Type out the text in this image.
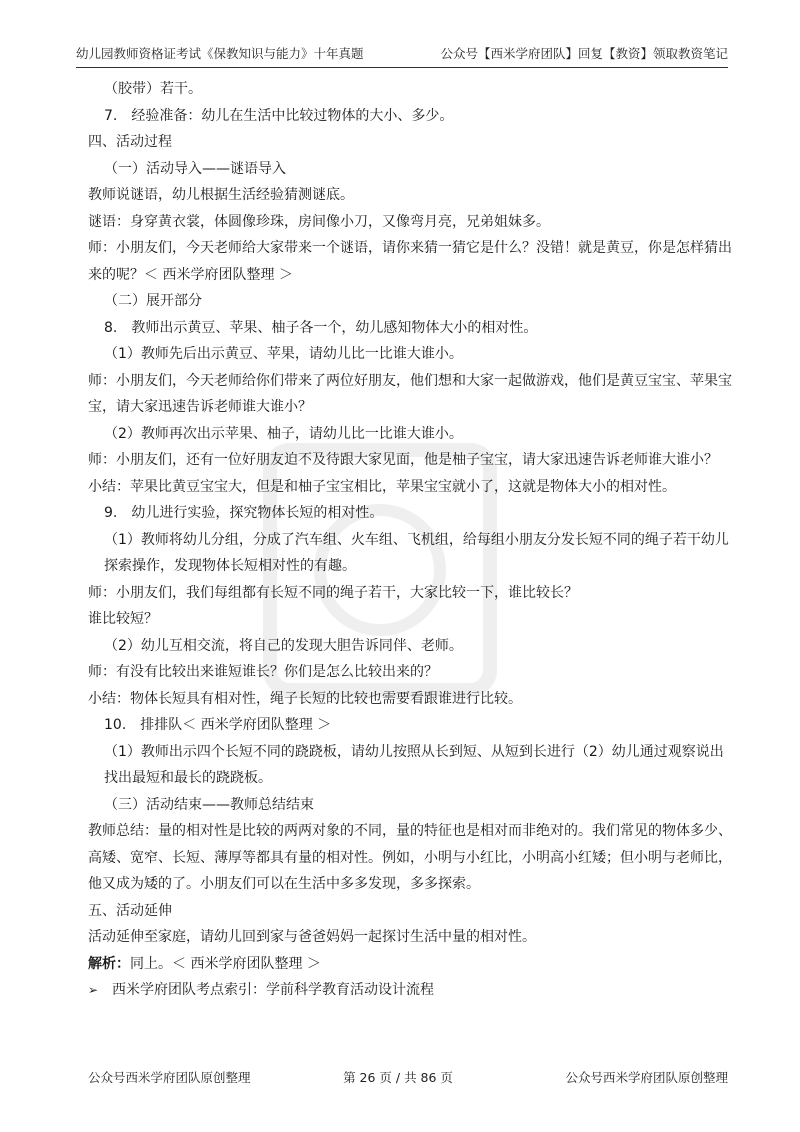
幼儿园教师资格证考试《保教知识与能力》十年真题	公众号【西米学府团队】回复【教资】领取教资笔记

（胶带）若干。

7.　经验准备：幼儿在生活中比较过物体的大小、多少。

四、活动过程

（一）活动导入——谜语导入

教师说谜语，幼儿根据生活经验猜测谜底。

谜语：身穿黄衣裳，体圆像珍珠，房间像小刀，又像弯月亮，兄弟姐妹多。

师：小朋友们，今天老师给大家带来一个谜语，请你来猜一猜它是什么？没错！就是黄豆，你是怎样猜出来的呢？＜ 西米学府团队整理 ＞

（二）展开部分

8.　教师出示黄豆、苹果、柚子各一个，幼儿感知物体大小的相对性。

（1）教师先后出示黄豆、苹果，请幼儿比一比谁大谁小。

师：小朋友们，今天老师给你们带来了两位好朋友，他们想和大家一起做游戏，他们是黄豆宝宝、苹果宝宝，请大家迅速告诉老师谁大谁小？

（2）教师再次出示苹果、柚子，请幼儿比一比谁大谁小。

师：小朋友们，还有一位好朋友迫不及待跟大家见面，他是柚子宝宝，请大家迅速告诉老师谁大谁小？

小结：苹果比黄豆宝宝大，但是和柚子宝宝相比，苹果宝宝就小了，这就是物体大小的相对性。

9.　幼儿进行实验，探究物体长短的相对性。

（1）教师将幼儿分组，分成了汽车组、火车组、飞机组，给每组小朋友分发长短不同的绳子若干幼儿探索操作，发现物体长短相对性的有趣。

师：小朋友们，我们每组都有长短不同的绳子若干，大家比较一下，谁比较长？

谁比较短？

（2）幼儿互相交流，将自己的发现大胆告诉同伴、老师。

师：有没有比较出来谁短谁长？你们是怎么比较出来的？

小结：物体长短具有相对性，绳子长短的比较也需要看跟谁进行比较。

10.　排排队＜ 西米学府团队整理 ＞

（1）教师出示四个长短不同的跷跷板，请幼儿按照从长到短、从短到长进行（2）幼儿通过观察说出找出最短和最长的跷跷板。

（三）活动结束——教师总结结束

教师总结：量的相对性是比较的两两对象的不同，量的特征也是相对而非绝对的。我们常见的物体多少、高矮、宽窄、长短、薄厚等都具有量的相对性。例如，小明与小红比，小明高小红矮；但小明与老师比，他又成为矮的了。小朋友们可以在生活中多多发现，多多探索。

五、活动延伸

活动延伸至家庭，请幼儿回到家与爸爸妈妈一起探讨生活中量的相对性。

解析：同上。＜ 西米学府团队整理 ＞

➢ 西米学府团队考点索引：学前科学教育活动设计流程

公众号西米学府团队原创整理	第 26 页 / 共 86 页	公众号西米学府团队原创整理
